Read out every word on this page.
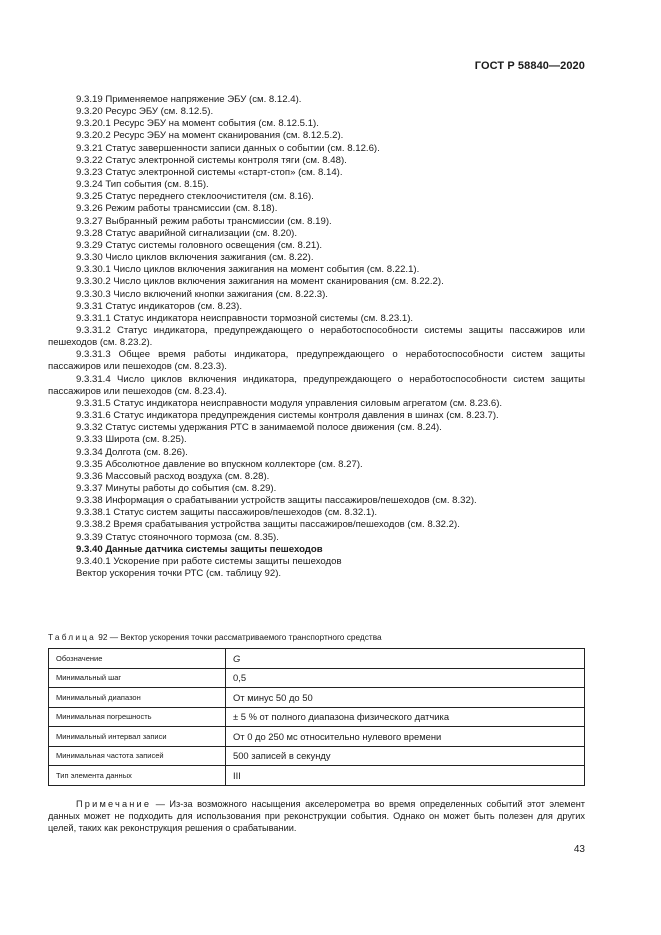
ГОСТ Р 58840—2020
9.3.19 Применяемое напряжение ЭБУ (см. 8.12.4).
9.3.20 Ресурс ЭБУ (см. 8.12.5).
9.3.20.1 Ресурс ЭБУ на момент события (см. 8.12.5.1).
9.3.20.2 Ресурс ЭБУ на момент сканирования (см. 8.12.5.2).
9.3.21 Статус завершенности записи данных о событии (см. 8.12.6).
9.3.22 Статус электронной системы контроля тяги (см. 8.48).
9.3.23 Статус электронной системы «старт-стоп» (см. 8.14).
9.3.24 Тип события (см. 8.15).
9.3.25 Статус переднего стеклоочистителя (см. 8.16).
9.3.26 Режим работы трансмиссии (см. 8.18).
9.3.27 Выбранный режим работы трансмиссии (см. 8.19).
9.3.28 Статус аварийной сигнализации (см. 8.20).
9.3.29 Статус системы головного освещения (см. 8.21).
9.3.30 Число циклов включения зажигания (см. 8.22).
9.3.30.1 Число циклов включения зажигания на момент события (см. 8.22.1).
9.3.30.2 Число циклов включения зажигания на момент сканирования (см. 8.22.2).
9.3.30.3 Число включений кнопки зажигания (см. 8.22.3).
9.3.31 Статус индикаторов (см. 8.23).
9.3.31.1 Статус индикатора неисправности тормозной системы (см. 8.23.1).
9.3.31.2 Статус индикатора, предупреждающего о неработоспособности системы защиты пассажиров или пешеходов (см. 8.23.2).
9.3.31.3 Общее время работы индикатора, предупреждающего о неработоспособности систем защиты пассажиров или пешеходов (см. 8.23.3).
9.3.31.4 Число циклов включения индикатора, предупреждающего о неработоспособности систем защиты пассажиров или пешеходов (см. 8.23.4).
9.3.31.5 Статус индикатора неисправности модуля управления силовым агрегатом (см. 8.23.6).
9.3.31.6 Статус индикатора предупреждения системы контроля давления в шинах (см. 8.23.7).
9.3.32 Статус системы удержания РТС в занимаемой полосе движения (см. 8.24).
9.3.33 Широта (см. 8.25).
9.3.34 Долгота (см. 8.26).
9.3.35 Абсолютное давление во впускном коллекторе (см. 8.27).
9.3.36 Массовый расход воздуха (см. 8.28).
9.3.37 Минуты работы до события (см. 8.29).
9.3.38 Информация о срабатывании устройств защиты пассажиров/пешеходов (см. 8.32).
9.3.38.1 Статус систем защиты пассажиров/пешеходов (см. 8.32.1).
9.3.38.2 Время срабатывания устройства защиты пассажиров/пешеходов (см. 8.32.2).
9.3.39 Статус стояночного тормоза (см. 8.35).
9.3.40 Данные датчика системы защиты пешеходов
9.3.40.1 Ускорение при работе системы защиты пешеходов
Вектор ускорения точки РТС (см. таблицу 92).
Таблица 92 — Вектор ускорения точки рассматриваемого транспортного средства
Обозначение	G
Минимальный шаг	0,5
Минимальный диапазон	От минус 50 до 50
Минимальная погрешность	± 5 % от полного диапазона физического датчика
Минимальный интервал записи	От 0 до 250 мс относительно нулевого времени
Минимальная частота записей	500 записей в секунду
Тип элемента данных	III
Примечание — Из-за возможного насыщения акселерометра во время определенных событий этот элемент данных может не подходить для использования при реконструкции события. Однако он может быть полезен для других целей, таких как реконструкция решения о срабатывании.
43
